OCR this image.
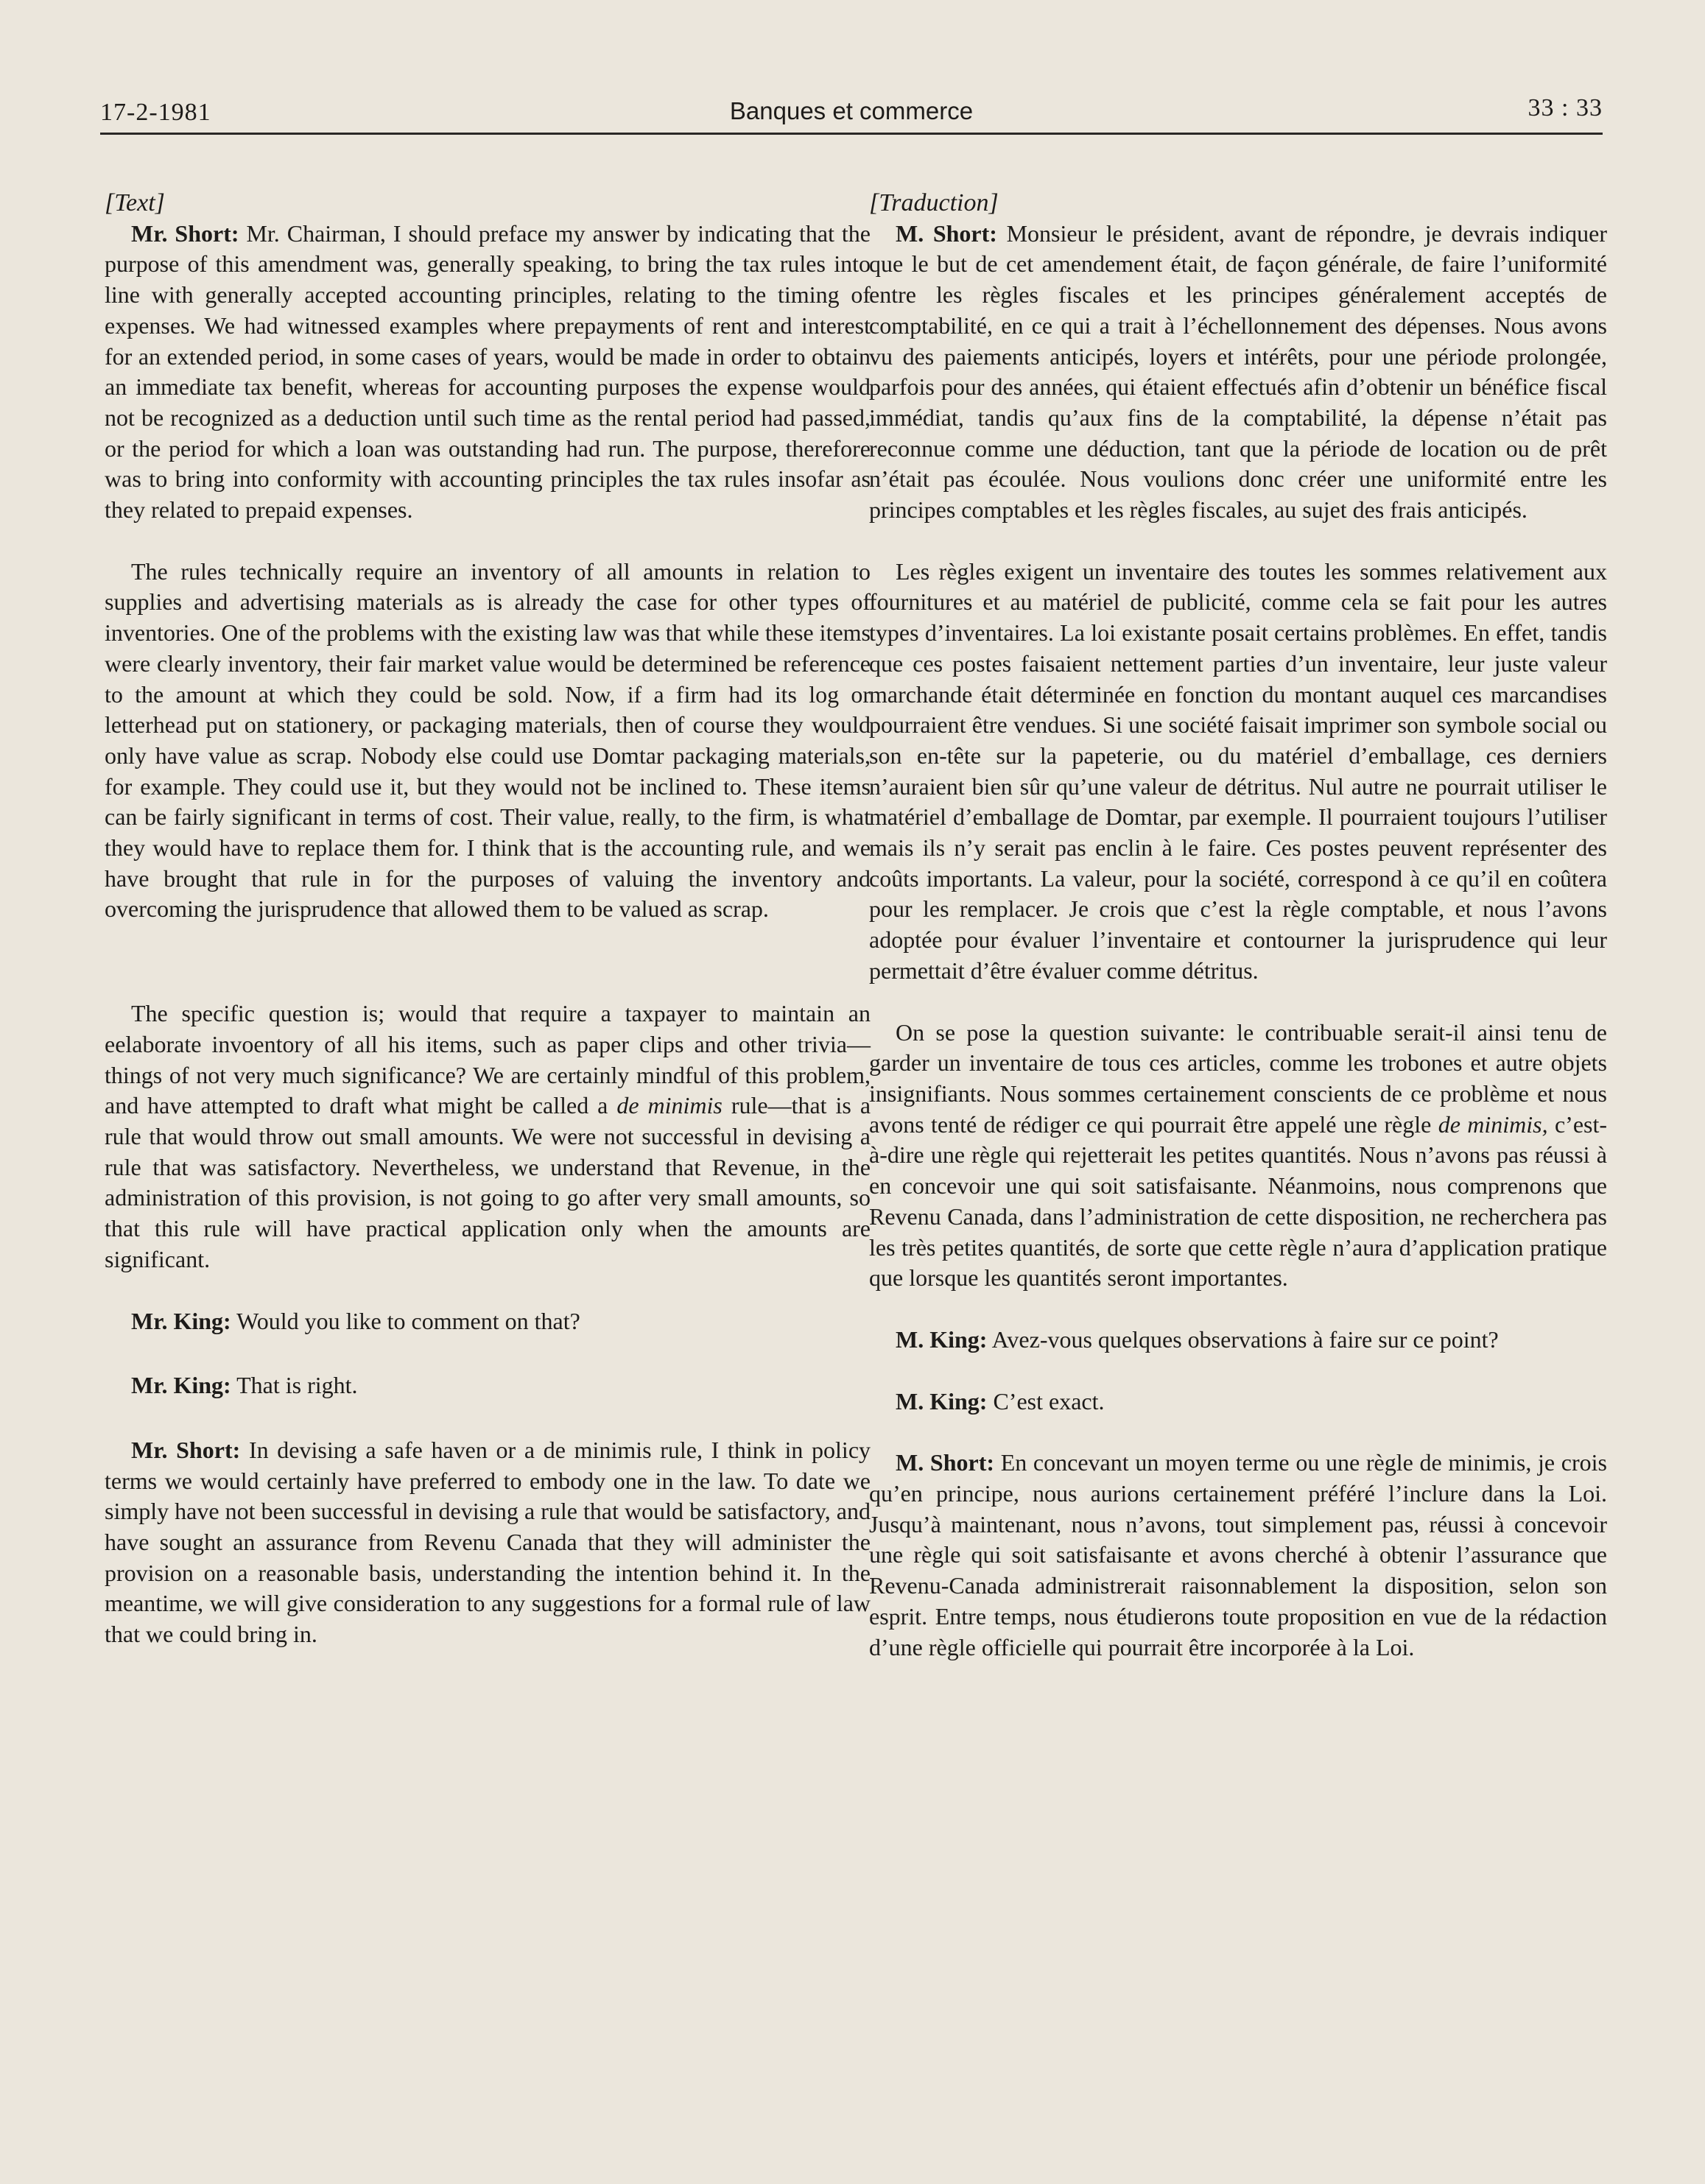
17-2-1981	Banques et commerce	33 : 33

[Text]

Mr. Short: Mr. Chairman, I should preface my answer by indicating that the purpose of this amendment was, generally speaking, to bring the tax rules into line with generally accepted accounting principles, relating to the timing of expenses. We had witnessed examples where prepayments of rent and interest for an extended period, in some cases of years, would be made in order to obtain an immediate tax benefit, whereas for accounting purposes the expense would not be recognized as a deduction until such time as the rental period had passed, or the period for which a loan was outstanding had run. The purpose, therefore was to bring into conformity with accounting principles the tax rules insofar as they related to prepaid expenses.

The rules technically require an inventory of all amounts in relation to supplies and advertising materials as is already the case for other types of inventories. One of the problems with the existing law was that while these items were clearly inventory, their fair market value would be determined be reference to the amount at which they could be sold. Now, if a firm had its log or letterhead put on stationery, or packaging materials, then of course they would only have value as scrap. Nobody else could use Domtar packaging materials, for example. They could use it, but they would not be inclined to. These items can be fairly significant in terms of cost. Their value, really, to the firm, is what they would have to replace them for. I think that is the accounting rule, and we have brought that rule in for the purposes of valuing the inventory and overcoming the jurisprudence that allowed them to be valued as scrap.

The specific question is; would that require a taxpayer to maintain an eelaborate invoentory of all his items, such as paper clips and other trivia—things of not very much significance? We are certainly mindful of this problem, and have attempted to draft what might be called a de minimis rule—that is a rule that would throw out small amounts. We were not successful in devising a rule that was satisfactory. Nevertheless, we understand that Revenue, in the administration of this provision, is not going to go after very small amounts, so that this rule will have practical application only when the amounts are significant.

Mr. King: Would you like to comment on that?

Mr. King: That is right.

Mr. Short: In devising a safe haven or a de minimis rule, I think in policy terms we would certainly have preferred to embody one in the law. To date we simply have not been successful in devising a rule that would be satisfactory, and have sought an assurance from Revenu Canada that they will administer the provision on a reasonable basis, understanding the intention behind it. In the meantime, we will give consideration to any suggestions for a formal rule of law that we could bring in.

[Traduction]

M. Short: Monsieur le président, avant de répondre, je devrais indiquer que le but de cet amendement était, de façon générale, de faire l’uniformité entre les règles fiscales et les principes généralement acceptés de comptabilité, en ce qui a trait à l’échellonnement des dépenses. Nous avons vu des paiements anticipés, loyers et intérêts, pour une période prolongée, parfois pour des années, qui étaient effectués afin d’obtenir un bénéfice fiscal immédiat, tandis qu’aux fins de la comptabilité, la dépense n’était pas reconnue comme une déduction, tant que la période de location ou de prêt n’était pas écoulée. Nous voulions donc créer une uniformité entre les principes comptables et les règles fiscales, au sujet des frais anticipés.

Les règles exigent un inventaire des toutes les sommes relativement aux fournitures et au matériel de publicité, comme cela se fait pour les autres types d’inventaires. La loi existante posait certains problèmes. En effet, tandis que ces postes faisaient nettement parties d’un inventaire, leur juste valeur marchande était déterminée en fonction du montant auquel ces marcandises pourraient être vendues. Si une société faisait imprimer son symbole social ou son en-tête sur la papeterie, ou du matériel d’emballage, ces derniers n’auraient bien sûr qu’une valeur de détritus. Nul autre ne pourrait utiliser le matériel d’emballage de Domtar, par exemple. Il pourraient toujours l’utiliser mais ils n’y serait pas enclin à le faire. Ces postes peuvent représenter des coûts importants. La valeur, pour la société, correspond à ce qu’il en coûtera pour les remplacer. Je crois que c’est la règle comptable, et nous l’avons adoptée pour évaluer l’inventaire et contourner la jurisprudence qui leur permettait d’être évaluer comme détritus.

On se pose la question suivante: le contribuable serait-il ainsi tenu de garder un inventaire de tous ces articles, comme les trobones et autre objets insignifiants. Nous sommes certainement conscients de ce problème et nous avons tenté de rédiger ce qui pourrait être appelé une règle de minimis, c’est-à-dire une règle qui rejetterait les petites quantités. Nous n’avons pas réussi à en concevoir une qui soit satisfaisante. Néanmoins, nous comprenons que Revenu Canada, dans l’administration de cette disposition, ne recherchera pas les très petites quantités, de sorte que cette règle n’aura d’application pratique que lorsque les quantités seront importantes.

M. King: Avez-vous quelques observations à faire sur ce point?

M. King: C’est exact.

M. Short: En concevant un moyen terme ou une règle de minimis, je crois qu’en principe, nous aurions certainement préféré l’inclure dans la Loi. Jusqu’à maintenant, nous n’avons, tout simplement pas, réussi à concevoir une règle qui soit satisfaisante et avons cherché à obtenir l’assurance que Revenu-Canada administrerait raisonnablement la disposition, selon son esprit. Entre temps, nous étudierons toute proposition en vue de la rédaction d’une règle officielle qui pourrait être incorporée à la Loi.
